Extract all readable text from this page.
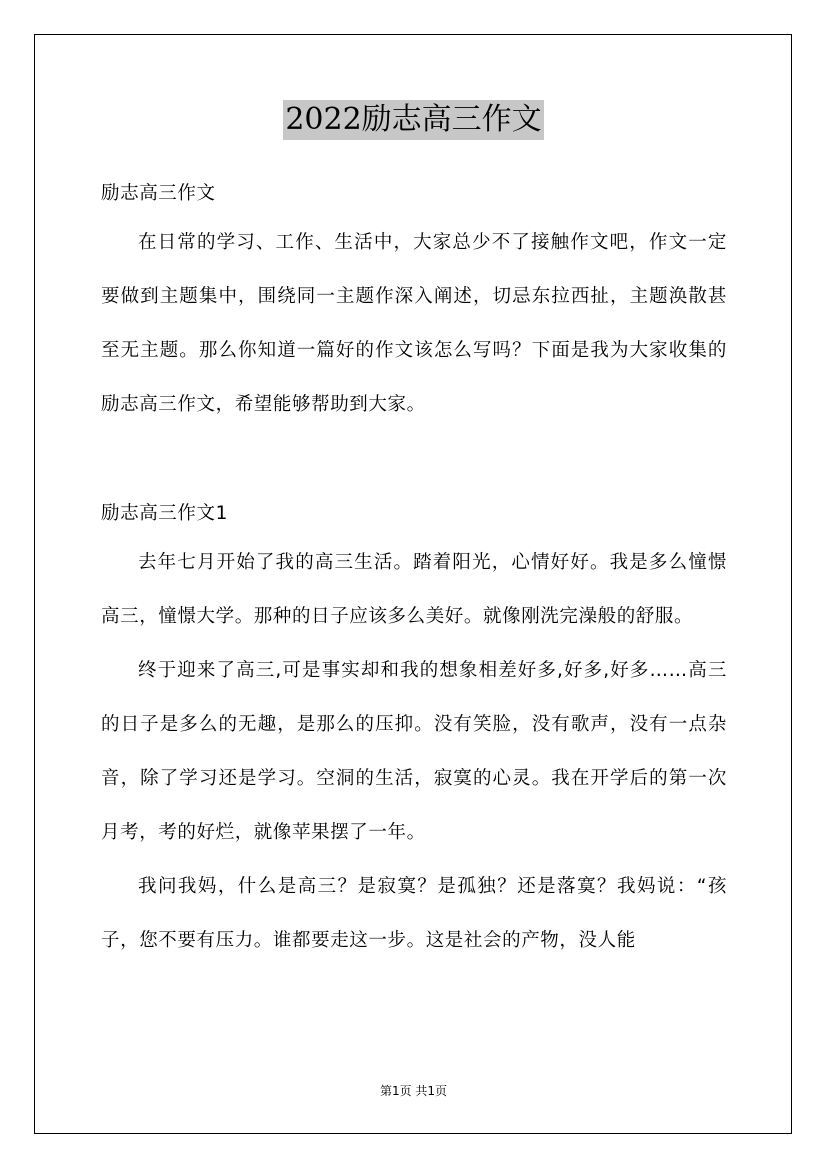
2022励志高三作文

励志高三作文

在日常的学习、工作、生活中，大家总少不了接触作文吧，作文一定要做到主题集中，围绕同一主题作深入阐述，切忌东拉西扯，主题涣散甚至无主题。那么你知道一篇好的作文该怎么写吗？下面是我为大家收集的励志高三作文，希望能够帮助到大家。

励志高三作文1

去年七月开始了我的高三生活。踏着阳光，心情好好。我是多么憧憬高三，憧憬大学。那种的日子应该多么美好。就像刚洗完澡般的舒服。

终于迎来了高三,可是事实却和我的想象相差好多,好多,好多……高三的日子是多么的无趣，是那么的压抑。没有笑脸，没有歌声，没有一点杂音，除了学习还是学习。空洞的生活，寂寞的心灵。我在开学后的第一次月考，考的好烂，就像苹果摆了一年。

我问我妈，什么是高三？是寂寞？是孤独？还是落寞？我妈说：“孩子，您不要有压力。谁都要走这一步。这是社会的产物，没人能

第1页 共1页
